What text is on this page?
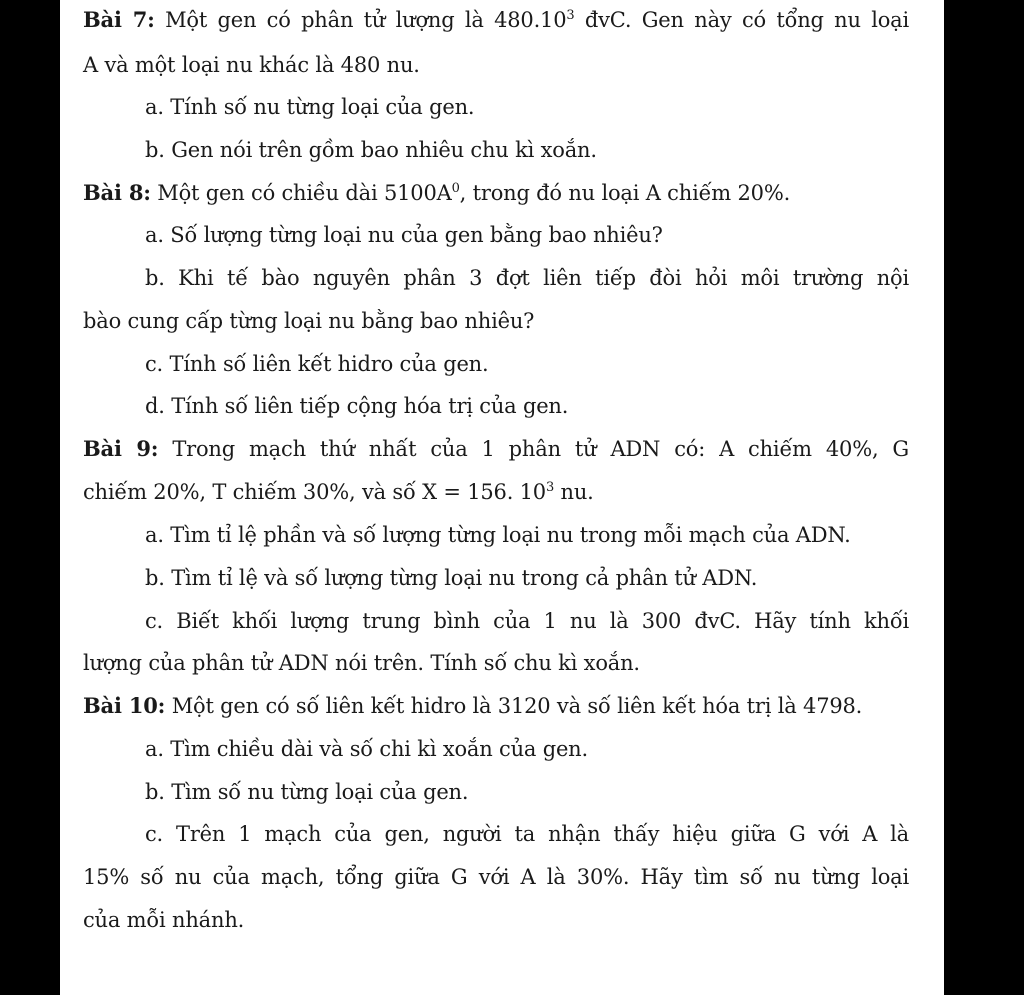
Bài 7: Một gen có phân tử lượng là 480.10$^3$ đvC. Gen này có tổng nu loại
A và một loại nu khác là 480 nu.
a. Tính số nu từng loại của gen.
b. Gen nói trên gồm bao nhiêu chu kì xoắn.
Bài 8: Một gen có chiều dài $5100A^0$, trong đó nu loại A chiếm 20%.
a. Số lượng từng loại nu của gen bằng bao nhiêu?
b. Khi tế bào nguyên phân 3 đợt liên tiếp đòi hỏi môi trường nội
bào cung cấp từng loại nu bằng bao nhiêu?
c. Tính số liên kết hidro của gen.
d. Tính số liên tiếp cộng hóa trị của gen.
Bài 9: Trong mạch thứ nhất của 1 phân tử ADN có: A chiếm 40%, G
chiếm 20%, T chiếm 30%, và số X = 156. $10^3$ nu.
a. Tìm tỉ lệ phần và số lượng từng loại nu trong mỗi mạch của ADN.
b. Tìm tỉ lệ và số lượng từng loại nu trong cả phân tử ADN.
c. Biết khối lượng trung bình của 1 nu là 300 đvC. Hãy tính khối
lượng của phân tử ADN nói trên. Tính số chu kì xoắn.
Bài 10: Một gen có số liên kết hidro là 3120 và số liên kết hóa trị là 4798.
a. Tìm chiều dài và số chi kì xoắn của gen.
b. Tìm số nu từng loại của gen.
c. Trên 1 mạch của gen, người ta nhận thấy hiệu giữa G với A là
15% số nu của mạch, tổng giữa G với A là 30%. Hãy tìm số nu từng loại
của mỗi nhánh.
